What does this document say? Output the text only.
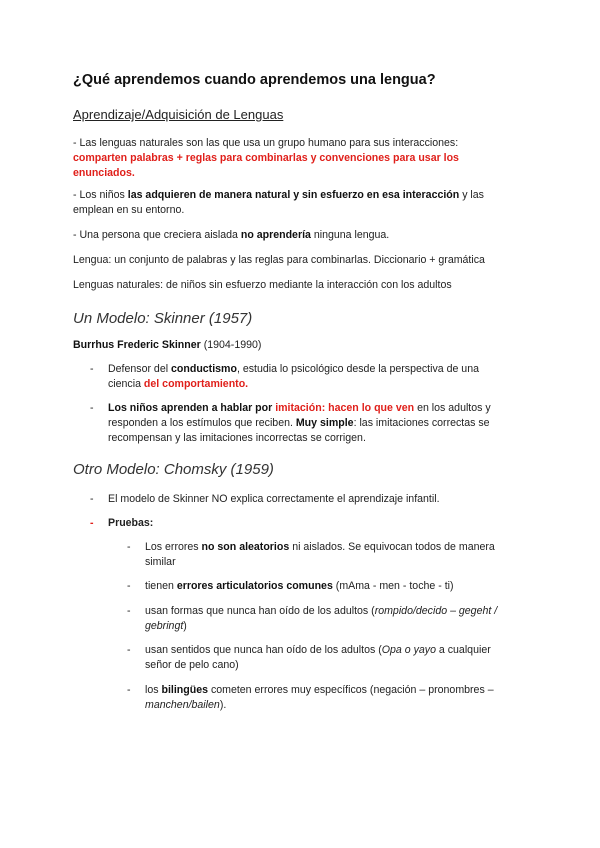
¿Qué aprendemos cuando aprendemos una lengua?
Aprendizaje/Adquisición de Lenguas
- Las lenguas naturales son las que usa un grupo humano para sus interacciones: comparten palabras + reglas para combinarlas y convenciones para usar los enunciados.
- Los niños las adquieren de manera natural y sin esfuerzo en esa interacción y las emplean en su entorno.
- Una persona que creciera aislada no aprendería ninguna lengua.
Lengua: un conjunto de palabras y las reglas para combinarlas. Diccionario + gramática
Lenguas naturales: de niños sin esfuerzo mediante la interacción con los adultos
Un Modelo: Skinner (1957)
Burrhus Frederic Skinner (1904-1990)
- Defensor del conductismo, estudia lo psicológico desde la perspectiva de una ciencia del comportamiento.
- Los niños aprenden a hablar por imitación: hacen lo que ven en los adultos y responden a los estímulos que reciben. Muy simple: las imitaciones correctas se recompensan y las imitaciones incorrectas se corrigen.
Otro Modelo: Chomsky (1959)
- El modelo de Skinner NO explica correctamente el aprendizaje infantil.
- Pruebas:
- Los errores no son aleatorios ni aislados. Se equivocan todos de manera similar
- tienen errores articulatorios comunes (mAma - men - toche - ti)
- usan formas que nunca han oído de los adultos (rompido/decido – gegeht / gebringt)
- usan sentidos que nunca han oído de los adultos (Opa o yayo a cualquier señor de pelo cano)
- los bilingües cometen errores muy específicos (negación – pronombres – manchen/bailen).
